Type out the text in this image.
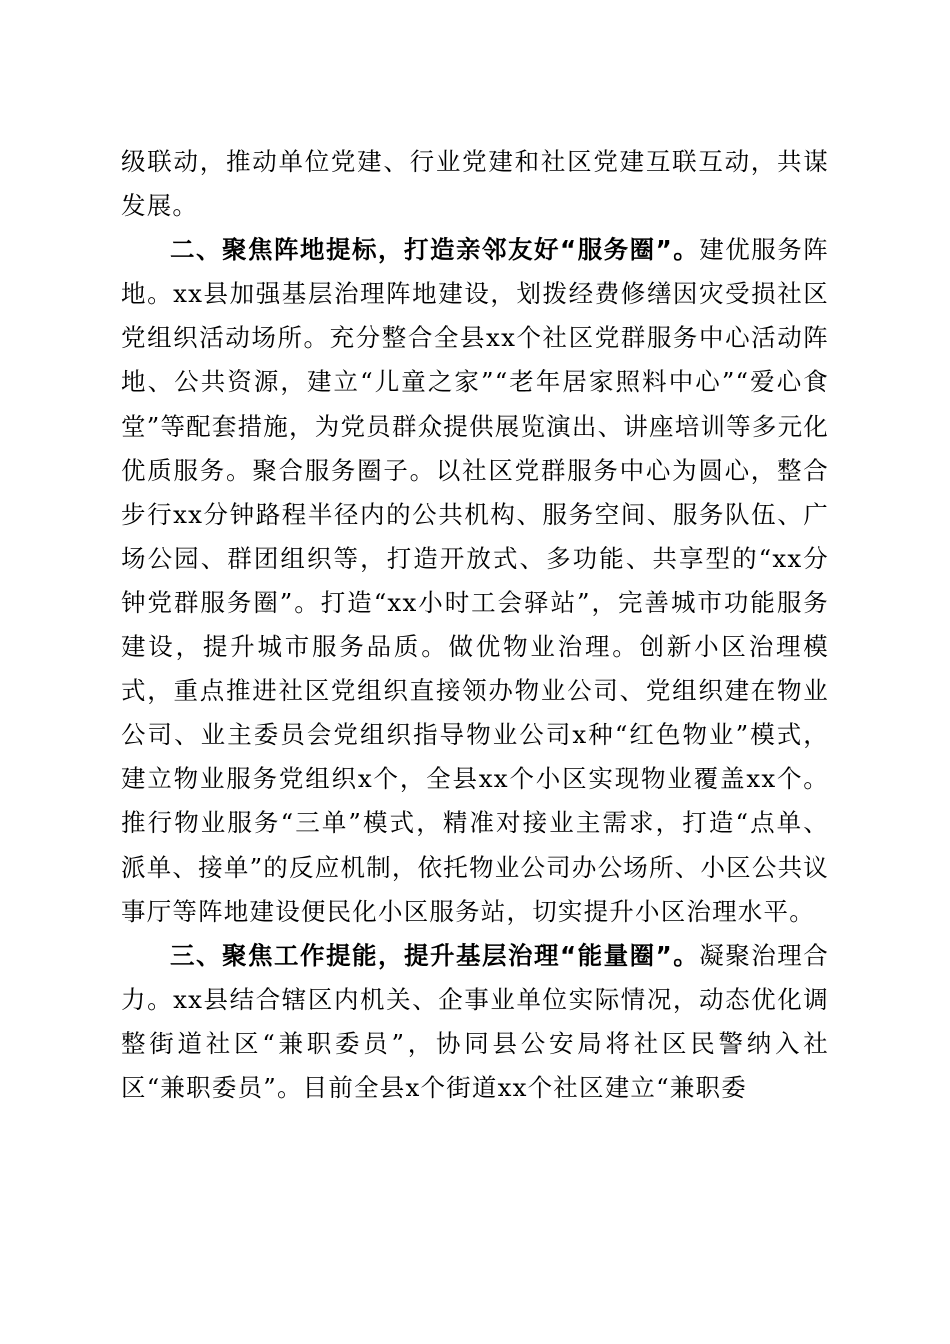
级联动，推动单位党建、行业党建和社区党建互联互动，共谋发展。

二、聚焦阵地提标，打造亲邻友好“服务圈”。建优服务阵地。xx县加强基层治理阵地建设，划拨经费修缮因灾受损社区党组织活动场所。充分整合全县xx个社区党群服务中心活动阵地、公共资源，建立“儿童之家”“老年居家照料中心”“爱心食堂”等配套措施，为党员群众提供展览演出、讲座培训等多元化优质服务。聚合服务圈子。以社区党群服务中心为圆心，整合步行xx分钟路程半径内的公共机构、服务空间、服务队伍、广场公园、群团组织等，打造开放式、多功能、共享型的“xx分钟党群服务圈”。打造“xx小时工会驿站”，完善城市功能服务建设，提升城市服务品质。做优物业治理。创新小区治理模式，重点推进社区党组织直接领办物业公司、党组织建在物业公司、业主委员会党组织指导物业公司x种“红色物业”模式，建立物业服务党组织x个，全县xx个小区实现物业覆盖xx个。推行物业服务“三单”模式，精准对接业主需求，打造“点单、派单、接单”的反应机制，依托物业公司办公场所、小区公共议事厅等阵地建设便民化小区服务站，切实提升小区治理水平。

三、聚焦工作提能，提升基层治理“能量圈”。凝聚治理合力。xx县结合辖区内机关、企事业单位实际情况，动态优化调整街道社区“兼职委员”，协同县公安局将社区民警纳入社区“兼职委员”。目前全县x个街道xx个社区建立“兼职委
